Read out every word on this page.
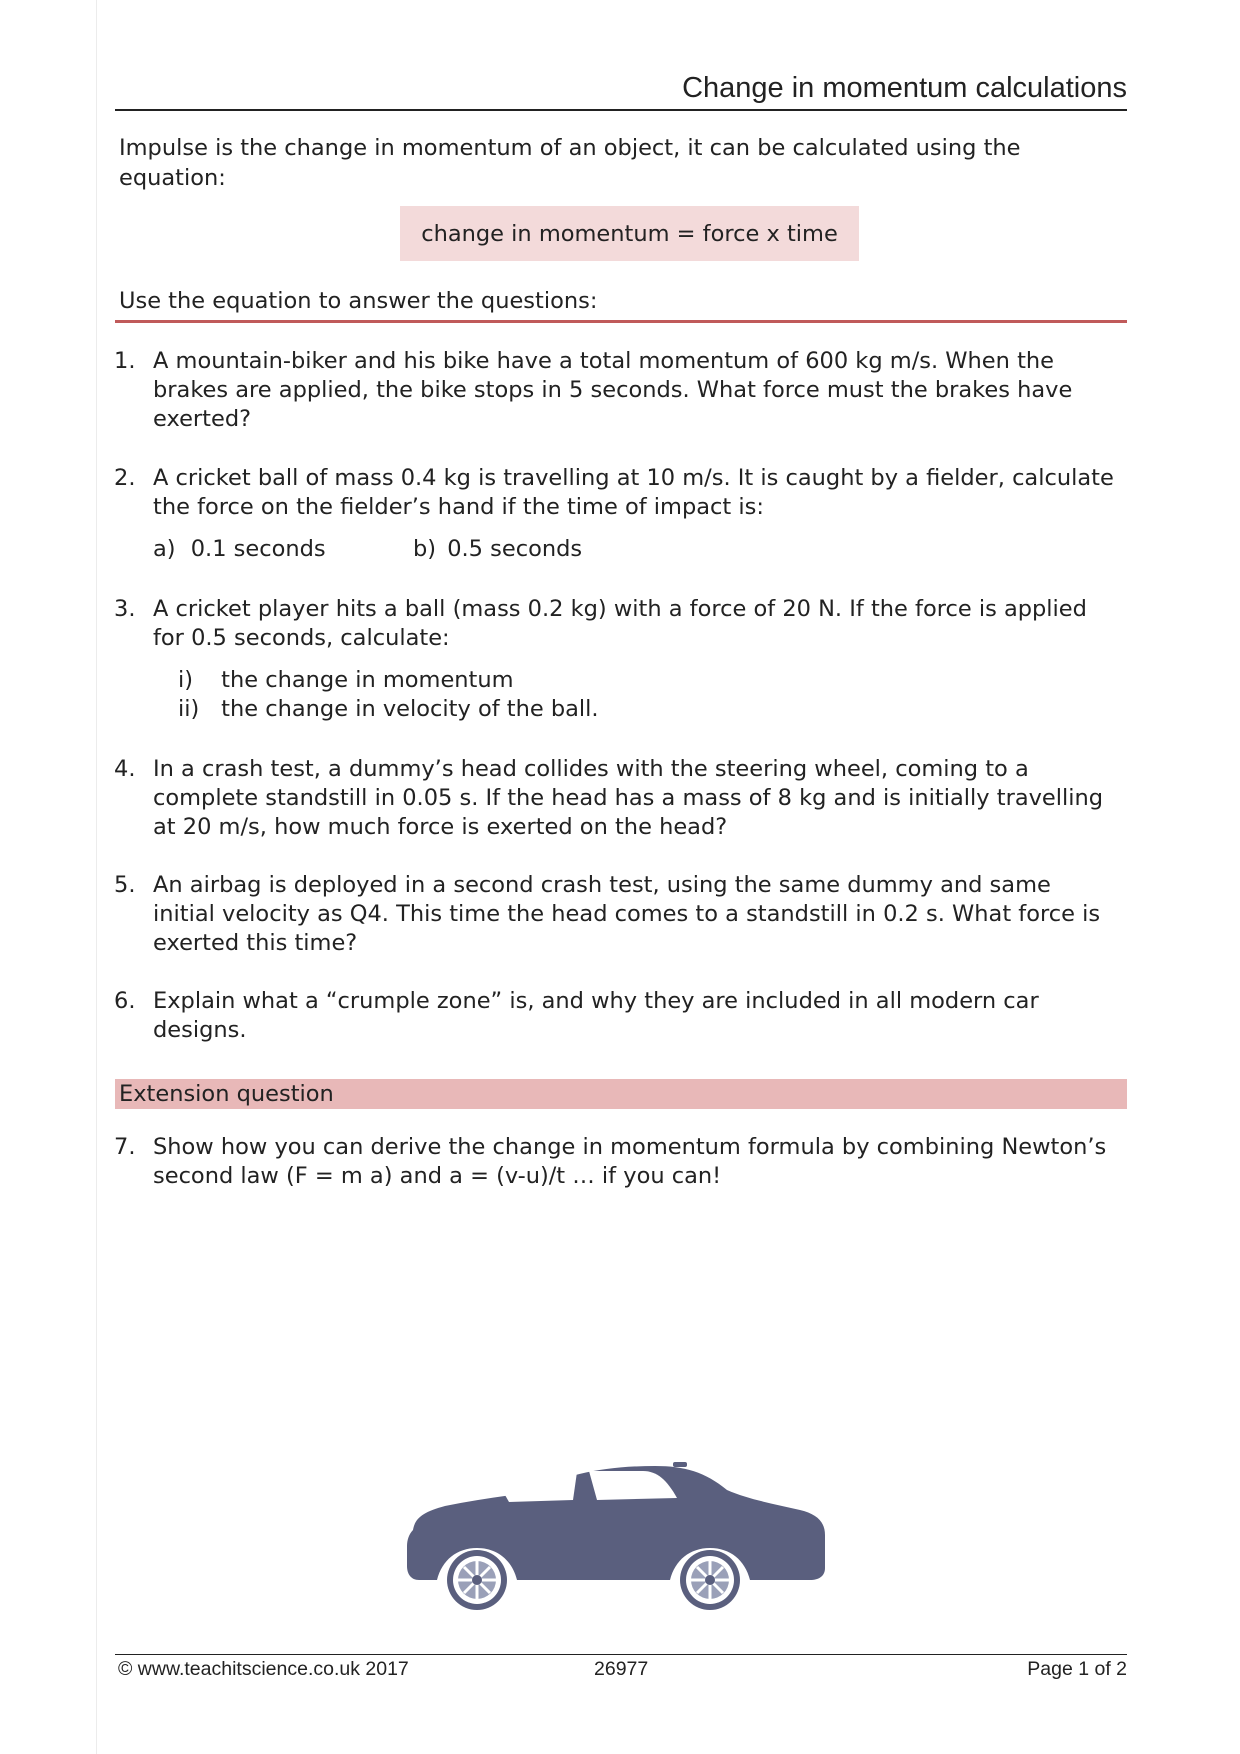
Change in momentum calculations
Impulse is the change in momentum of an object, it can be calculated using the equation:
change in momentum = force x time
Use the equation to answer the questions:
1. A mountain-biker and his bike have a total momentum of 600 kg m/s. When the brakes are applied, the bike stops in 5 seconds. What force must the brakes have exerted?
2. A cricket ball of mass 0.4 kg is travelling at 10 m/s. It is caught by a fielder, calculate the force on the fielder’s hand if the time of impact is:
a) 0.1 seconds	b) 0.5 seconds
3. A cricket player hits a ball (mass 0.2 kg) with a force of 20 N. If the force is applied for 0.5 seconds, calculate:
i) the change in momentum
ii) the change in velocity of the ball.
4. In a crash test, a dummy’s head collides with the steering wheel, coming to a complete standstill in 0.05 s. If the head has a mass of 8 kg and is initially travelling at 20 m/s, how much force is exerted on the head?
5. An airbag is deployed in a second crash test, using the same dummy and same initial velocity as Q4. This time the head comes to a standstill in 0.2 s. What force is exerted this time?
6. Explain what a “crumple zone” is, and why they are included in all modern car designs.
Extension question
7. Show how you can derive the change in momentum formula by combining Newton’s second law (F = m a) and a = (v-u)/t … if you can!
© www.teachitscience.co.uk 2017	26977	Page 1 of 2
